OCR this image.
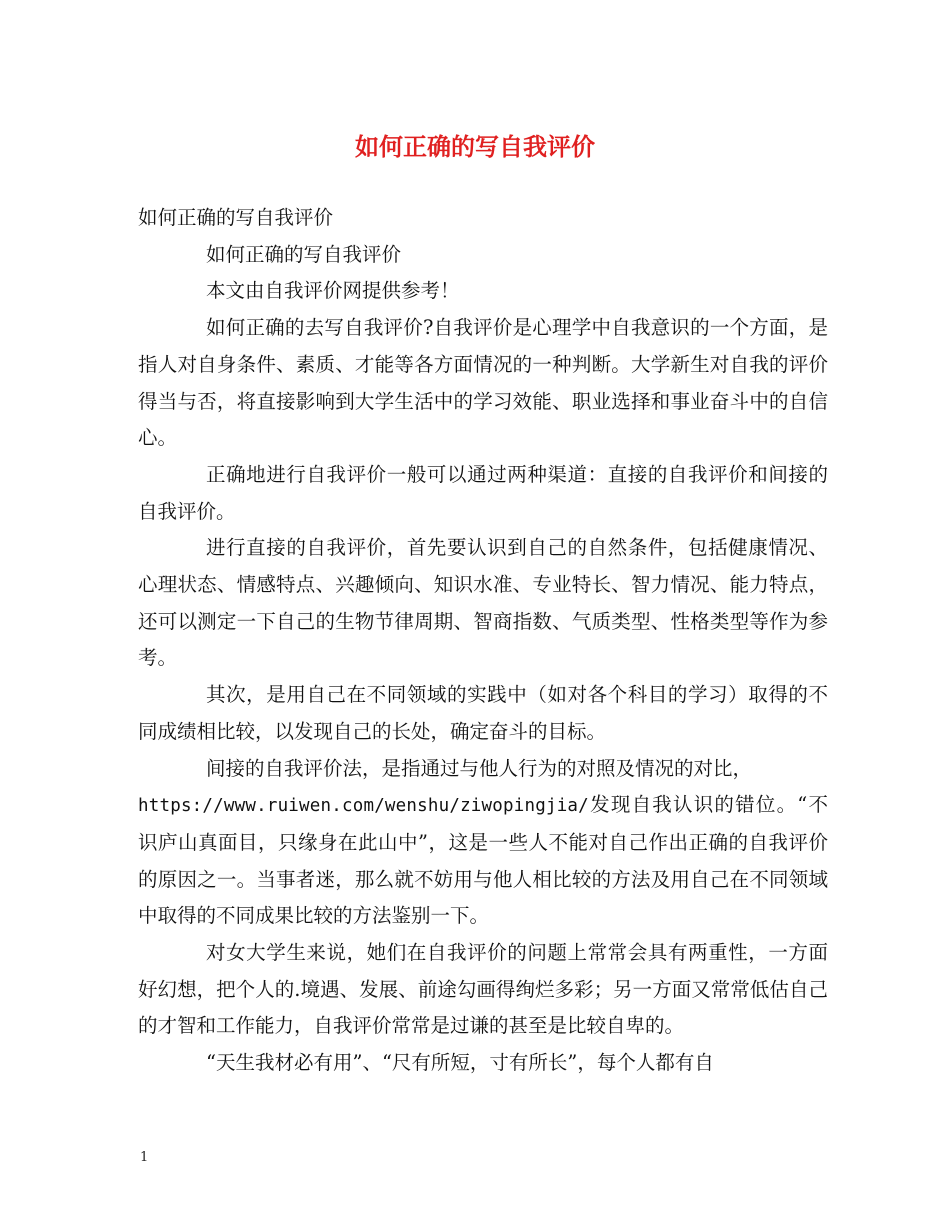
如何正确的写自我评价

如何正确的写自我评价

如何正确的写自我评价

本文由自我评价网提供参考！

如何正确的去写自我评价?自我评价是心理学中自我意识的一个方面，是指人对自身条件、素质、才能等各方面情况的一种判断。大学新生对自我的评价得当与否，将直接影响到大学生活中的学习效能、职业选择和事业奋斗中的自信心。

正确地进行自我评价一般可以通过两种渠道：直接的自我评价和间接的自我评价。

进行直接的自我评价，首先要认识到自己的自然条件，包括健康情况、心理状态、情感特点、兴趣倾向、知识水准、专业特长、智力情况、能力特点，还可以测定一下自己的生物节律周期、智商指数、气质类型、性格类型等作为参考。

其次，是用自己在不同领域的实践中（如对各个科目的学习）取得的不同成绩相比较，以发现自己的长处，确定奋斗的目标。

间接的自我评价法，是指通过与他人行为的对照及情况的对比，

https://www.ruiwen.com/wenshu/ziwopingjia/发现自我认识的错位。“不识庐山真面目，只缘身在此山中”，这是一些人不能对自己作出正确的自我评价的原因之一。当事者迷，那么就不妨用与他人相比较的方法及用自己在不同领域中取得的不同成果比较的方法鉴别一下。

对女大学生来说，她们在自我评价的问题上常常会具有两重性，一方面好幻想，把个人的.境遇、发展、前途勾画得绚烂多彩；另一方面又常常低估自己的才智和工作能力，自我评价常常是过谦的甚至是比较自卑的。

“天生我材必有用”、“尺有所短，寸有所长”，每个人都有自

1
